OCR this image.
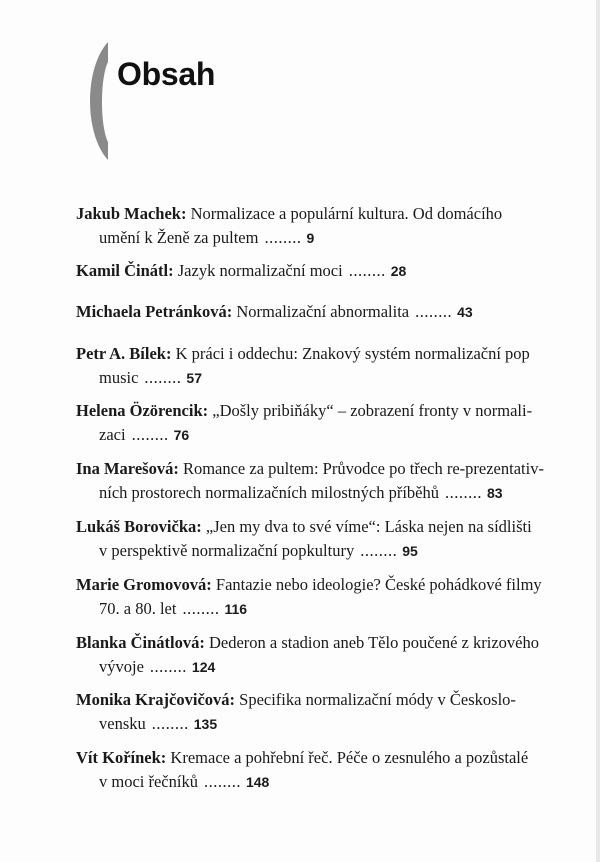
Obsah
Jakub Machek: Normalizace a populární kultura. Od domácího
umění k Ženě za pultem ........ 9
Kamil Činátl: Jazyk normalizační moci ........ 28
Michaela Petránková: Normalizační abnormalita ........ 43
Petr A. Bílek: K práci i oddechu: Znakový systém normalizační pop
music ........ 57
Helena Özörencik: „Došly pribiňáky“ – zobrazení fronty v normali-
zaci ........ 76
Ina Marešová: Romance za pultem: Průvodce po třech re-prezentativ-
ních prostorech normalizačních milostných příběhů ........ 83
Lukáš Borovička: „Jen my dva to své víme“: Láska nejen na sídlišti
v perspektivě normalizační popkultury ........ 95
Marie Gromovová: Fantazie nebo ideologie? České pohádkové filmy
70. a 80. let ........ 116
Blanka Činátlová: Dederon a stadion aneb Tělo poučené z krizového
vývoje ........ 124
Monika Krajčovičová: Specifika normalizační módy v Českoslo-
vensku ........ 135
Vít Kořínek: Kremace a pohřební řeč. Péče o zesnulého a pozůstalé
v moci řečníků ........ 148
